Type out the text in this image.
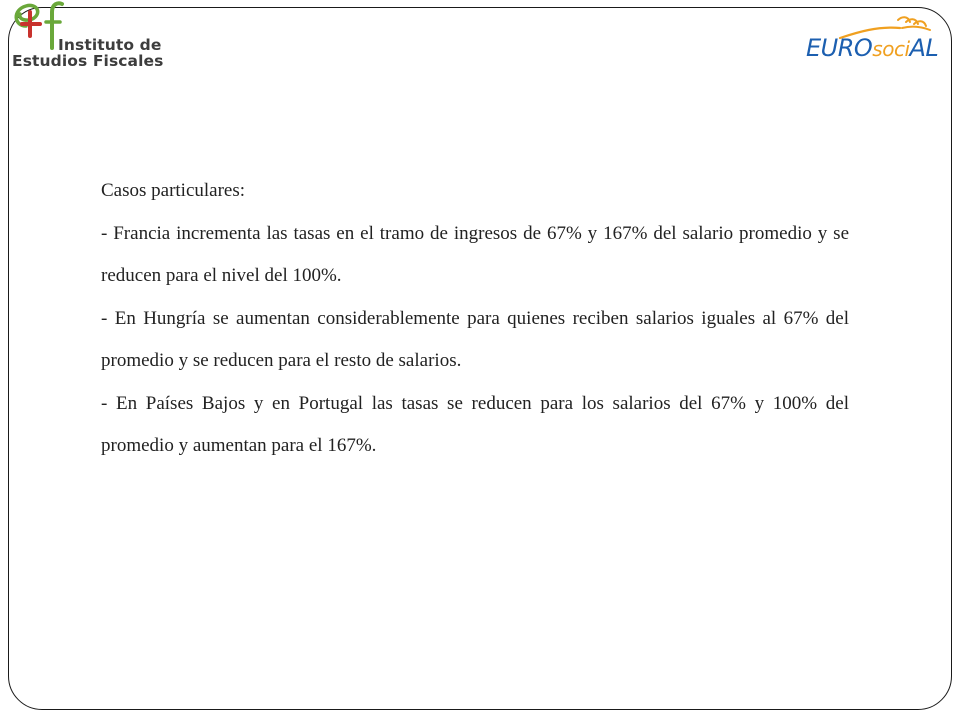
Instituto de
Estudios Fiscales	EUROsociAL

Casos particulares:

- Francia incrementa las tasas en el tramo de ingresos de 67% y 167% del salario promedio y se reducen para el nivel del 100%.

- En Hungría se aumentan considerablemente para quienes reciben salarios iguales al 67% del promedio y se reducen para el resto de salarios.

- En Países Bajos y en Portugal las tasas se reducen para los salarios del 67% y 100% del promedio y aumentan para el 167%.
